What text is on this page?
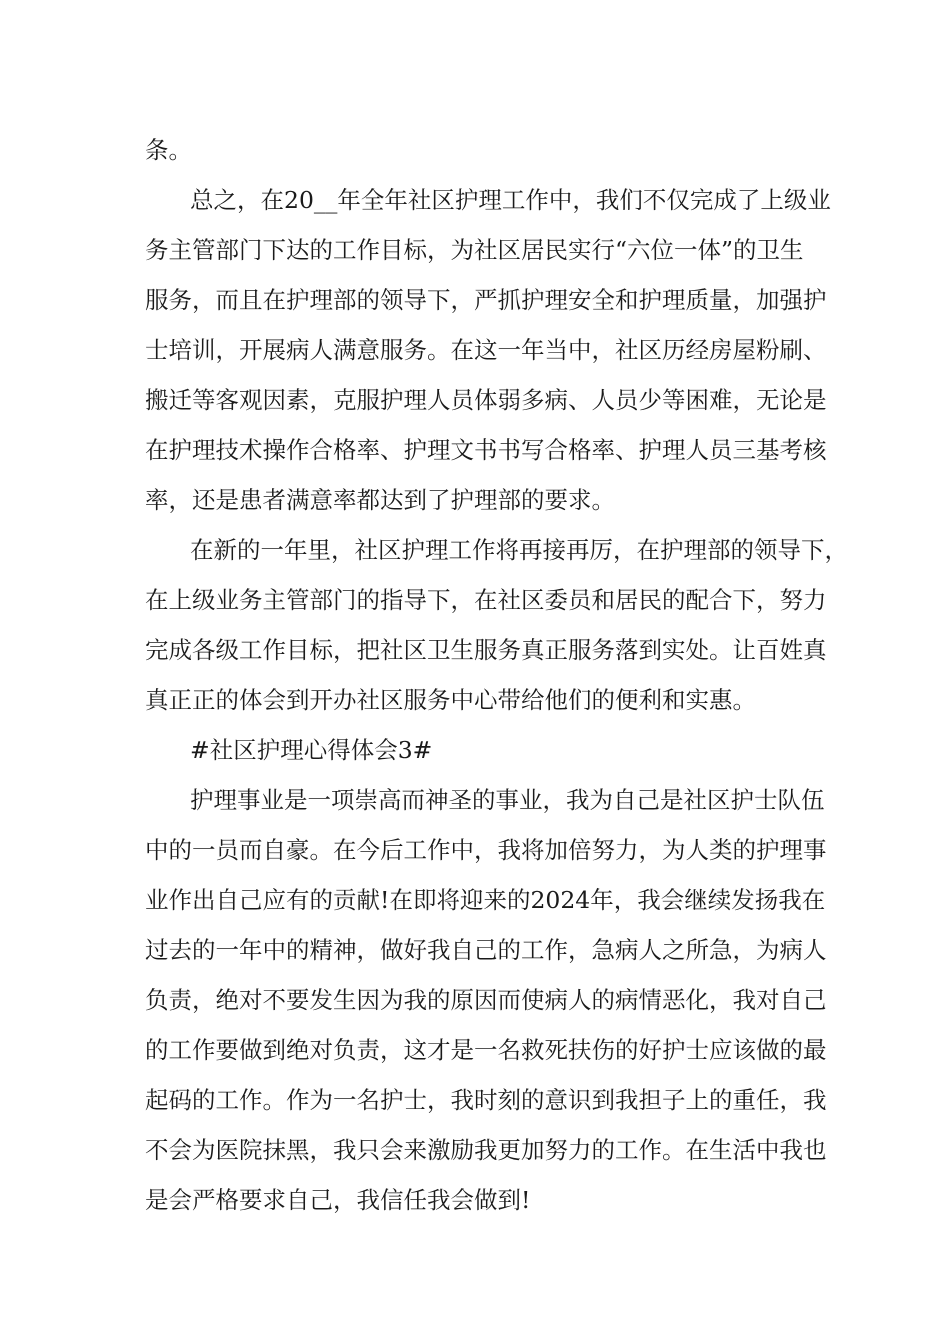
条。
总之，在20__年全年社区护理工作中，我们不仅完成了上级业
务主管部门下达的工作目标，为社区居民实行“六位一体”的卫生
服务，而且在护理部的领导下，严抓护理安全和护理质量，加强护
士培训，开展病人满意服务。在这一年当中，社区历经房屋粉刷、
搬迁等客观因素，克服护理人员体弱多病、人员少等困难，无论是
在护理技术操作合格率、护理文书书写合格率、护理人员三基考核
率，还是患者满意率都达到了护理部的要求。
在新的一年里，社区护理工作将再接再厉，在护理部的领导下，
在上级业务主管部门的指导下，在社区委员和居民的配合下，努力
完成各级工作目标，把社区卫生服务真正服务落到实处。让百姓真
真正正的体会到开办社区服务中心带给他们的便利和实惠。
#社区护理心得体会3#
护理事业是一项崇高而神圣的事业，我为自己是社区护士队伍
中的一员而自豪。在今后工作中，我将加倍努力，为人类的护理事
业作出自己应有的贡献!在即将迎来的2024年，我会继续发扬我在
过去的一年中的精神，做好我自己的工作，急病人之所急，为病人
负责，绝对不要发生因为我的原因而使病人的病情恶化，我对自己
的工作要做到绝对负责，这才是一名救死扶伤的好护士应该做的最
起码的工作。作为一名护士，我时刻的意识到我担子上的重任，我
不会为医院抹黑，我只会来激励我更加努力的工作。在生活中我也
是会严格要求自己，我信任我会做到!
